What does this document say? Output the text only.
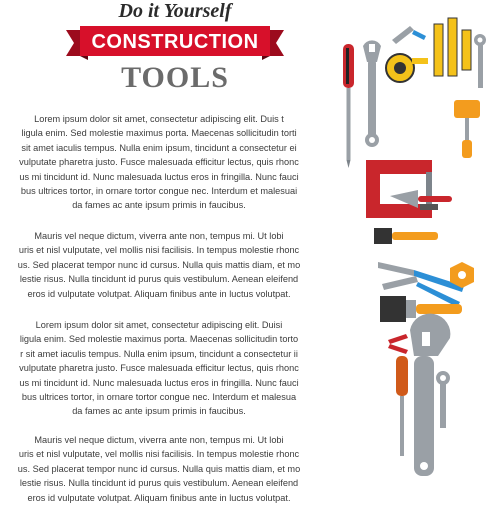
Do it Yourself
CONSTRUCTION
TOOLS
Lorem ipsum dolor sit amet, consectetur adipiscing elit. Duis t
ligula enim. Sed molestie maximus porta. Maecenas sollicitudin torti
sit amet iaculis tempus. Nulla enim ipsum, tincidunt a consectetur ei
vulputate pharetra justo. Fusce malesuada efficitur lectus, quis rhonc
us mi tincidunt id. Nunc malesuada luctus eros in fringilla. Nunc fauci
bus ultrices tortor, in ornare tortor congue nec. Interdum et malesuai
da fames ac ante ipsum primis in faucibus.
Mauris vel neque dictum, viverra ante non, tempus mi. Ut lobi
uris et nisl vulputate, vel mollis nisi facilisis. In tempus molestie rhonc
us. Sed placerat tempor nunc id cursus. Nulla quis mattis diam, et mo
lestie risus. Nulla tincidunt id purus quis vestibulum. Aenean eleifend
eros id vulputate volutpat. Aliquam finibus ante in luctus volutpat.
Lorem ipsum dolor sit amet, consectetur adipiscing elit. Duisi
ligula enim. Sed molestie maximus porta. Maecenas sollicitudin torto
r sit amet iaculis tempus. Nulla enim ipsum, tincidunt a consectetur ii
vulputate pharetra justo. Fusce malesuada efficitur lectus, quis rhonc
us mi tincidunt id. Nunc malesuada luctus eros in fringilla. Nunc fauci
bus ultrices tortor, in ornare tortor congue nec. Interdum et malesua
da fames ac ante ipsum primis in faucibus.
Mauris vel neque dictum, viverra ante non, tempus mi. Ut lobi
uris et nisl vulputate, vel mollis nisi facilisis. In tempus molestie rhonc
us. Sed placerat tempor nunc id cursus. Nulla quis mattis diam, et mo
lestie risus. Nulla tincidunt id purus quis vestibulum. Aenean eleifend
eros id vulputate volutpat. Aliquam finibus ante in luctus volutpat.
